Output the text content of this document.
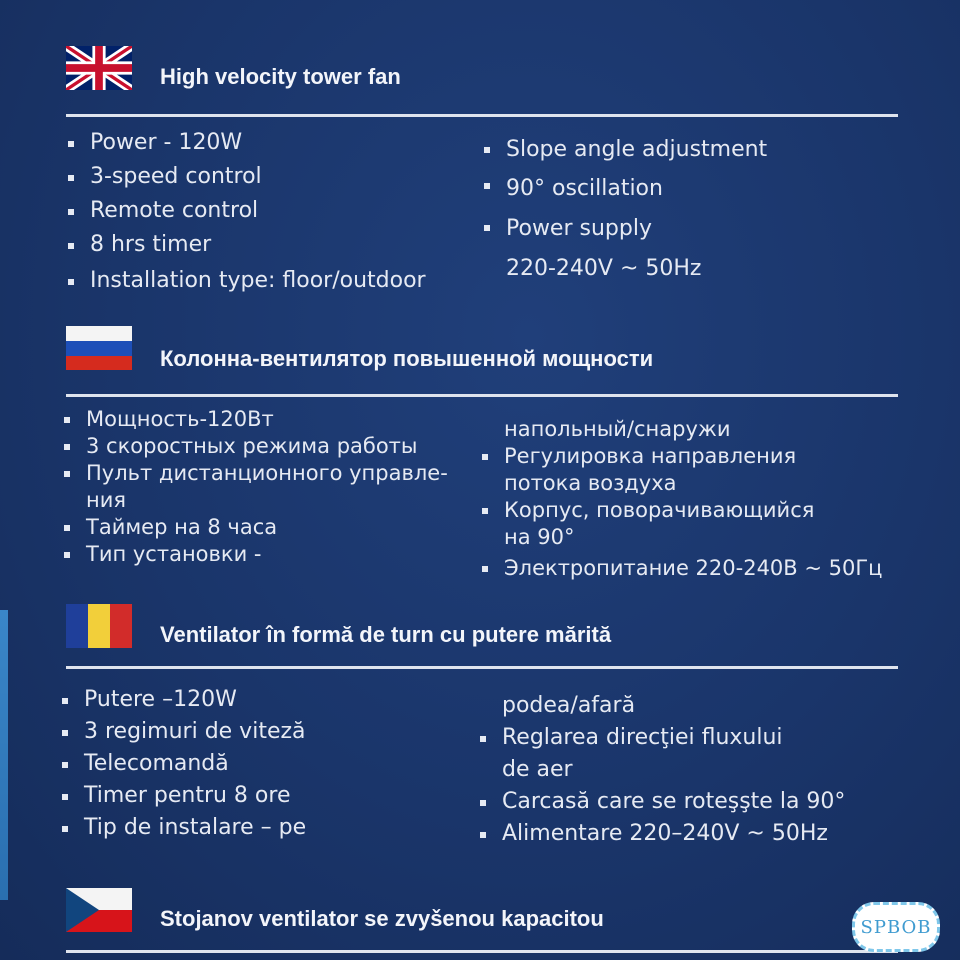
High velocity tower fan
Power - 120W
3-speed control
Remote control
8 hrs timer
Installation type: floor/outdoor
Slope angle adjustment
90° oscillation
Power supply
220-240V ~ 50Hz
Колонна-вентилятор повышенной мощности
Мощность-120Вт
3 скоростных режима работы
Пульт дистанционного управле-
ния
Таймер на 8 часа
Тип установки -
напольный/снаружи
Регулировка направления
потока воздуха
Корпус, поворачивающийся
на 90°
Электропитание 220-240В ~ 50Гц
Ventilator în formă de turn cu putere mărită
Putere –120W
3 regimuri de viteză
Telecomandă
Timer pentru 8 ore
Tip de instalare – pe
podea/afară
Reglarea direcţiei fluxului
de aer
Carcasă care se roteşşte la 90°
Alimentare 220–240V ~ 50Hz
Stojanov ventilator se zvyšenou kapacitou	SPBOB
